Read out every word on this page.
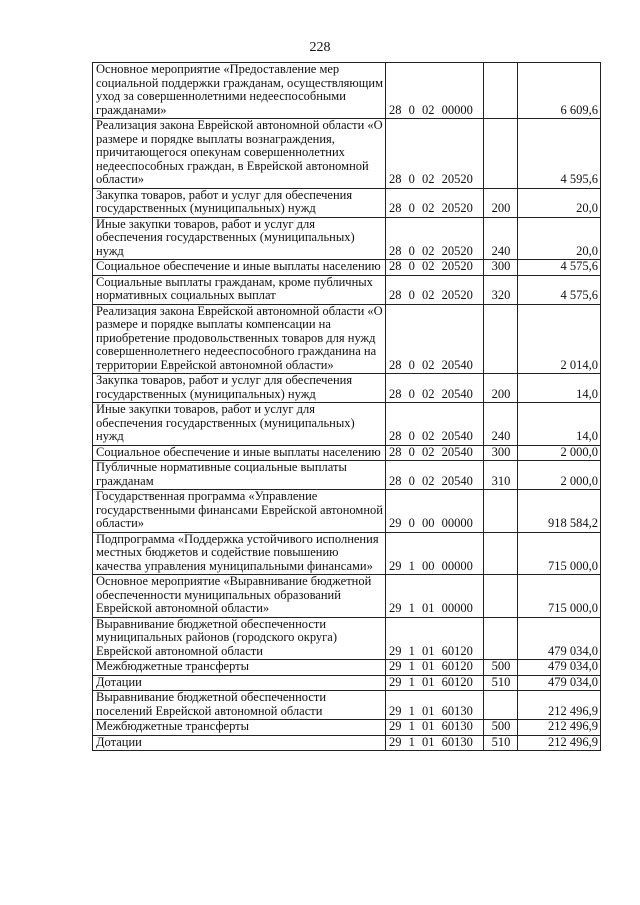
228
Основное мероприятие «Предоставление мер социальной поддержки гражданам, осуществляющим уход за совершеннолетними недееспособными гражданами»	28 0 02 00000		6 609,6
Реализация закона Еврейской автономной области «О размере и порядке выплаты вознаграждения, причитающегося опекунам совершеннолетних недееспособных граждан, в Еврейской автономной области»	28 0 02 20520		4 595,6
Закупка товаров, работ и услуг для обеспечения государственных (муниципальных) нужд	28 0 02 20520	200	20,0
Иные закупки товаров, работ и услуг для обеспечения государственных (муниципальных) нужд	28 0 02 20520	240	20,0
Социальное обеспечение и иные выплаты населению	28 0 02 20520	300	4 575,6
Социальные выплаты гражданам, кроме публичных нормативных социальных выплат	28 0 02 20520	320	4 575,6
Реализация закона Еврейской автономной области «О размере и порядке выплаты компенсации на приобретение продовольственных товаров для нужд совершеннолетнего недееспособного гражданина на территории Еврейской автономной области»	28 0 02 20540		2 014,0
Закупка товаров, работ и услуг для обеспечения государственных (муниципальных) нужд	28 0 02 20540	200	14,0
Иные закупки товаров, работ и услуг для обеспечения государственных (муниципальных) нужд	28 0 02 20540	240	14,0
Социальное обеспечение и иные выплаты населению	28 0 02 20540	300	2 000,0
Публичные нормативные социальные выплаты гражданам	28 0 02 20540	310	2 000,0
Государственная программа «Управление государственными финансами Еврейской автономной области»	29 0 00 00000		918 584,2
Подпрограмма «Поддержка устойчивого исполнения местных бюджетов и содействие повышению качества управления муниципальными финансами»	29 1 00 00000		715 000,0
Основное мероприятие «Выравнивание бюджетной обеспеченности муниципальных образований Еврейской автономной области»	29 1 01 00000		715 000,0
Выравнивание бюджетной обеспеченности муниципальных районов (городского округа) Еврейской автономной области	29 1 01 60120		479 034,0
Межбюджетные трансферты	29 1 01 60120	500	479 034,0
Дотации	29 1 01 60120	510	479 034,0
Выравнивание бюджетной обеспеченности поселений Еврейской автономной области	29 1 01 60130		212 496,9
Межбюджетные трансферты	29 1 01 60130	500	212 496,9
Дотации	29 1 01 60130	510	212 496,9
